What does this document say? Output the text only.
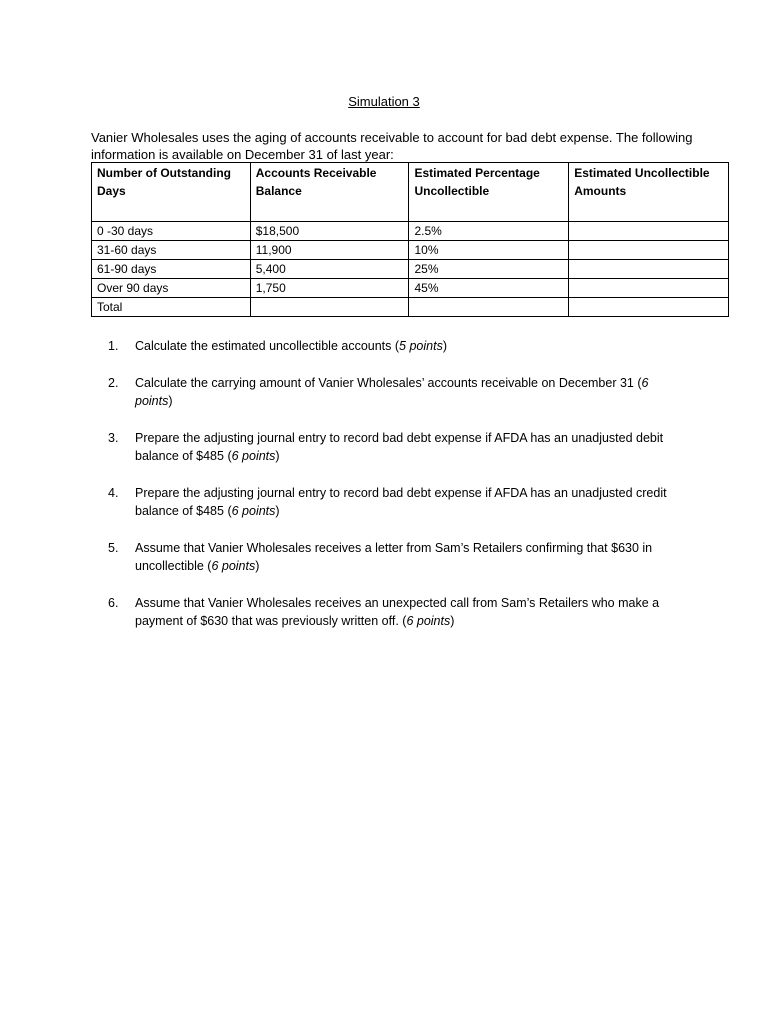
Simulation 3
Vanier Wholesales uses the aging of accounts receivable to account for bad debt expense. The following information is available on December 31 of last year:
Number of Outstanding Days	Accounts Receivable Balance	Estimated Percentage Uncollectible	Estimated Uncollectible Amounts
0 -30 days	$18,500	2.5%	
31-60 days	11,900	10%	
61-90 days	5,400	25%	
Over 90 days	1,750	45%	
Total			
1. Calculate the estimated uncollectible accounts (5 points)
2. Calculate the carrying amount of Vanier Wholesales’ accounts receivable on December 31 (6 points)
3. Prepare the adjusting journal entry to record bad debt expense if AFDA has an unadjusted debit balance of $485 (6 points)
4. Prepare the adjusting journal entry to record bad debt expense if AFDA has an unadjusted credit balance of $485 (6 points)
5. Assume that Vanier Wholesales receives a letter from Sam’s Retailers confirming that $630 in uncollectible (6 points)
6. Assume that Vanier Wholesales receives an unexpected call from Sam’s Retailers who make a payment of $630 that was previously written off. (6 points)
